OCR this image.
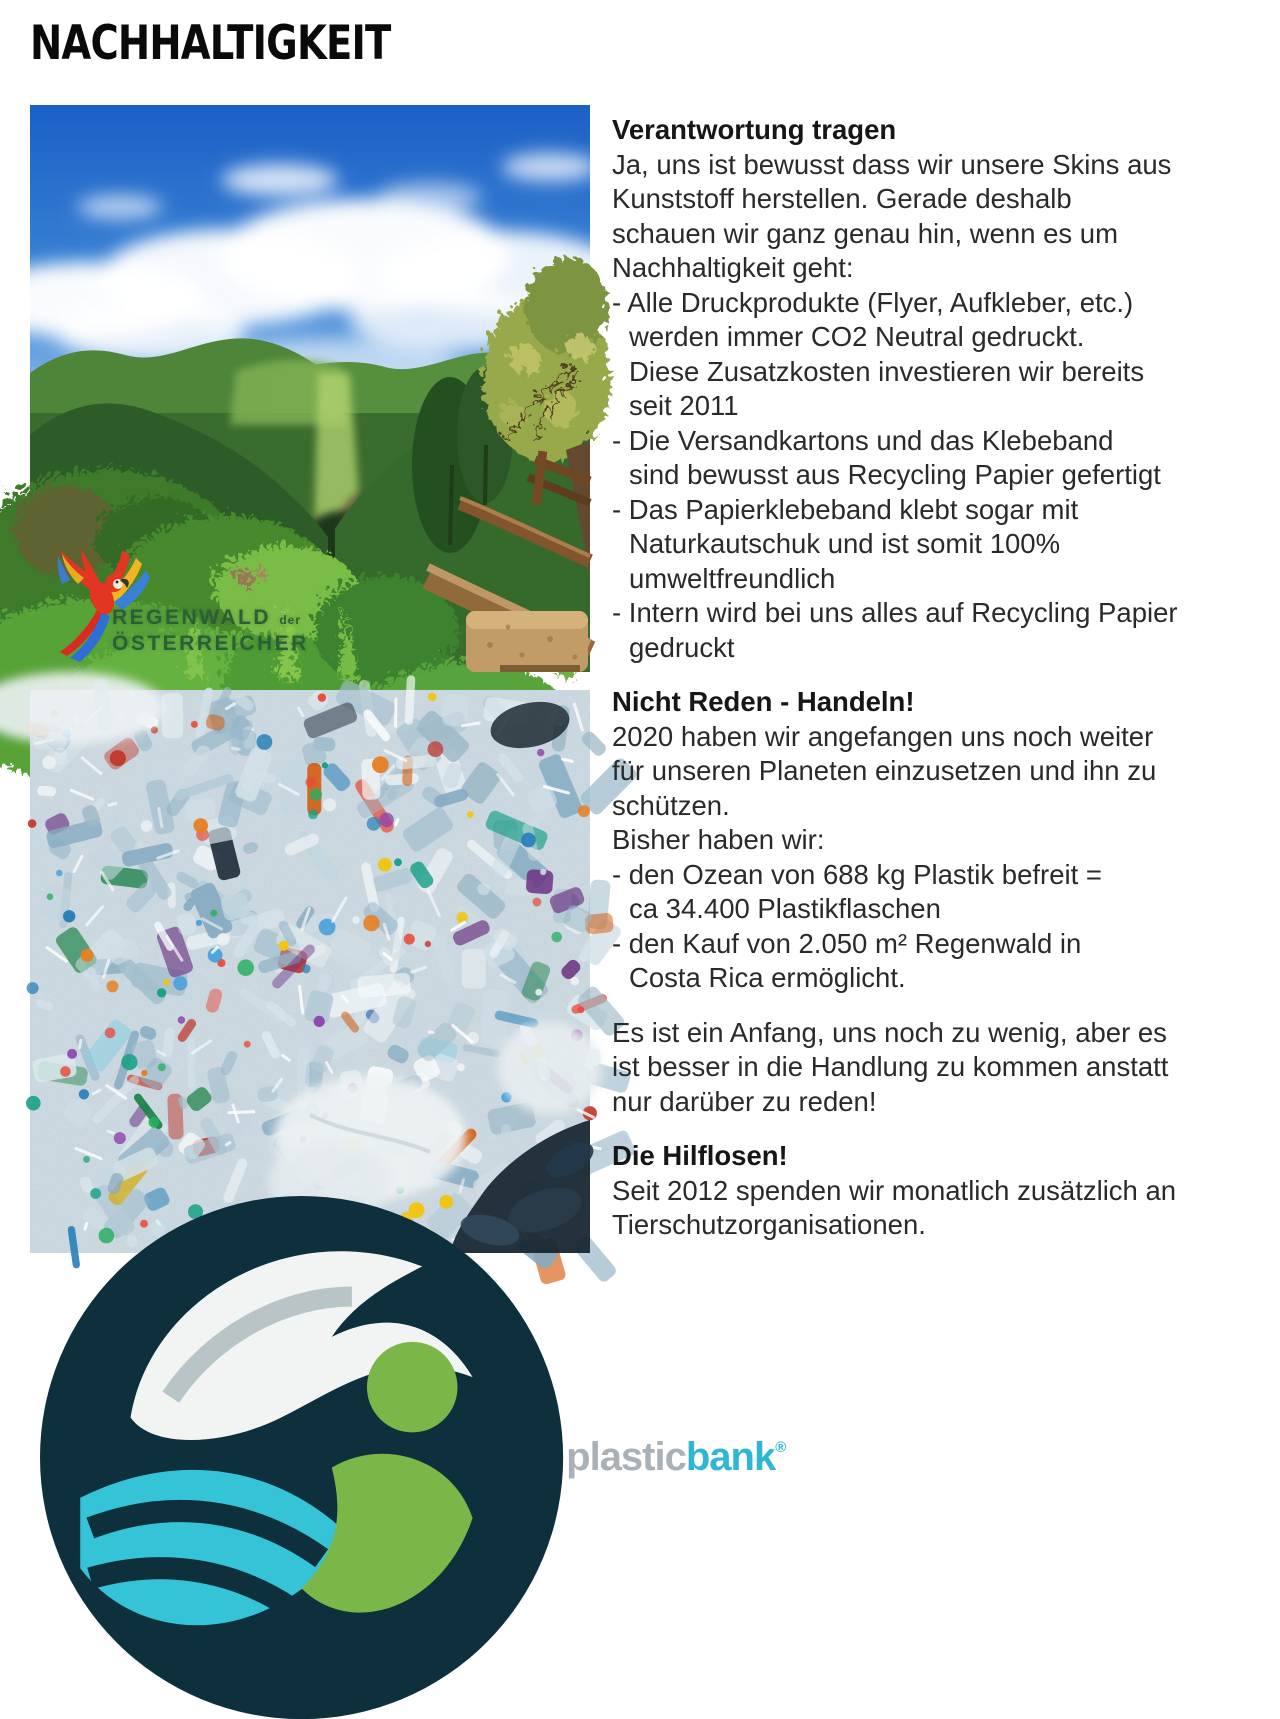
NACHHALTIGKEIT
REGENWALD der
ÖSTERREICHER
plasticbank®
Verantwortung tragen
Ja, uns ist bewusst dass wir unsere Skins aus
Kunststoff herstellen. Gerade deshalb
schauen wir ganz genau hin, wenn es um
Nachhaltigkeit geht:
- Alle Druckprodukte (Flyer, Aufkleber, etc.)
werden immer CO2 Neutral gedruckt.
Diese Zusatzkosten investieren wir bereits
seit 2011
- Die Versandkartons und das Klebeband
sind bewusst aus Recycling Papier gefertigt
- Das Papierklebeband klebt sogar mit
Naturkautschuk und ist somit 100%
umweltfreundlich
- Intern wird bei uns alles auf Recycling Papier
gedruckt
Nicht Reden - Handeln!
2020 haben wir angefangen uns noch weiter
für unseren Planeten einzusetzen und ihn zu
schützen.
Bisher haben wir:
- den Ozean von 688 kg Plastik befreit =
ca 34.400 Plastikflaschen
- den Kauf von 2.050 m² Regenwald in
Costa Rica ermöglicht.
Es ist ein Anfang, uns noch zu wenig, aber es
ist besser in die Handlung zu kommen anstatt
nur darüber zu reden!
Die Hilflosen!
Seit 2012 spenden wir monatlich zusätzlich an
Tierschutzorganisationen.
